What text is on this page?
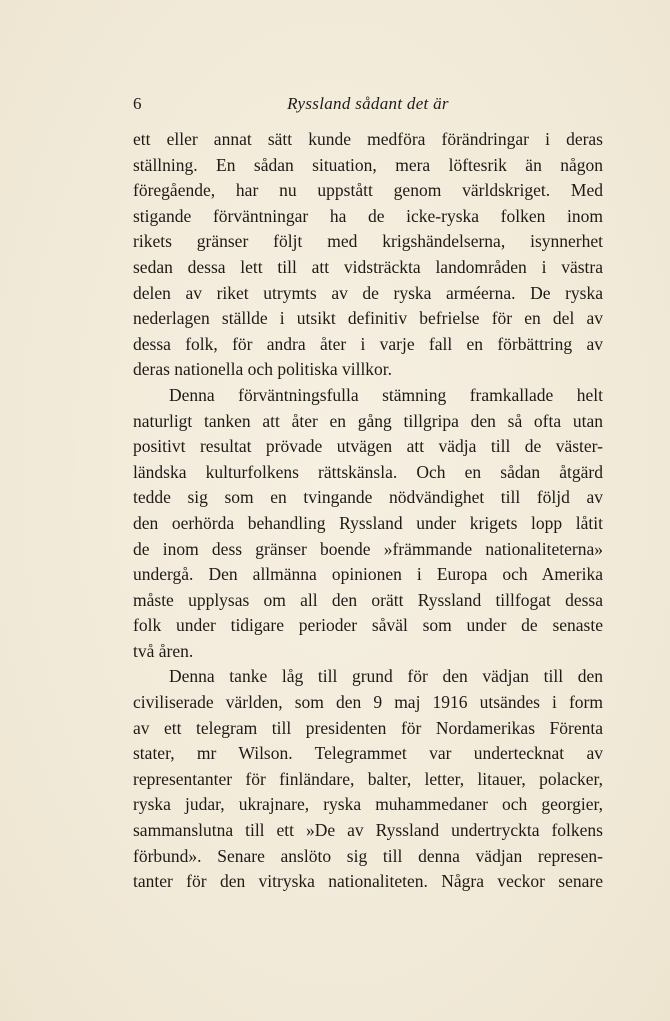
6	Ryssland sådant det är
ett eller annat sätt kunde medföra förändringar i deras
ställning. En sådan situation, mera löftesrik än någon
föregående, har nu uppstått genom världskriget. Med
stigande förväntningar ha de icke-ryska folken inom
rikets gränser följt med krigshändelserna, isynnerhet
sedan dessa lett till att vidsträckta landområden i västra
delen av riket utrymts av de ryska arméerna. De ryska
nederlagen ställde i utsikt definitiv befrielse för en del av
dessa folk, för andra åter i varje fall en förbättring av
deras nationella och politiska villkor.
Denna förväntningsfulla stämning framkallade helt
naturligt tanken att åter en gång tillgripa den så ofta utan
positivt resultat prövade utvägen att vädja till de väster-
ländska kulturfolkens rättskänsla. Och en sådan åtgärd
tedde sig som en tvingande nödvändighet till följd av
den oerhörda behandling Ryssland under krigets lopp låtit
de inom dess gränser boende »främmande nationaliteterna»
undergå. Den allmänna opinionen i Europa och Amerika
måste upplysas om all den orätt Ryssland tillfogat dessa
folk under tidigare perioder såväl som under de senaste
två åren.
Denna tanke låg till grund för den vädjan till den
civiliserade världen, som den 9 maj 1916 utsändes i form
av ett telegram till presidenten för Nordamerikas Förenta
stater, mr Wilson. Telegrammet var undertecknat av
representanter för finländare, balter, letter, litauer, polacker,
ryska judar, ukrajnare, ryska muhammedaner och georgier,
sammanslutna till ett »De av Ryssland undertryckta folkens
förbund». Senare anslöto sig till denna vädjan represen-
tanter för den vitryska nationaliteten. Några veckor senare
